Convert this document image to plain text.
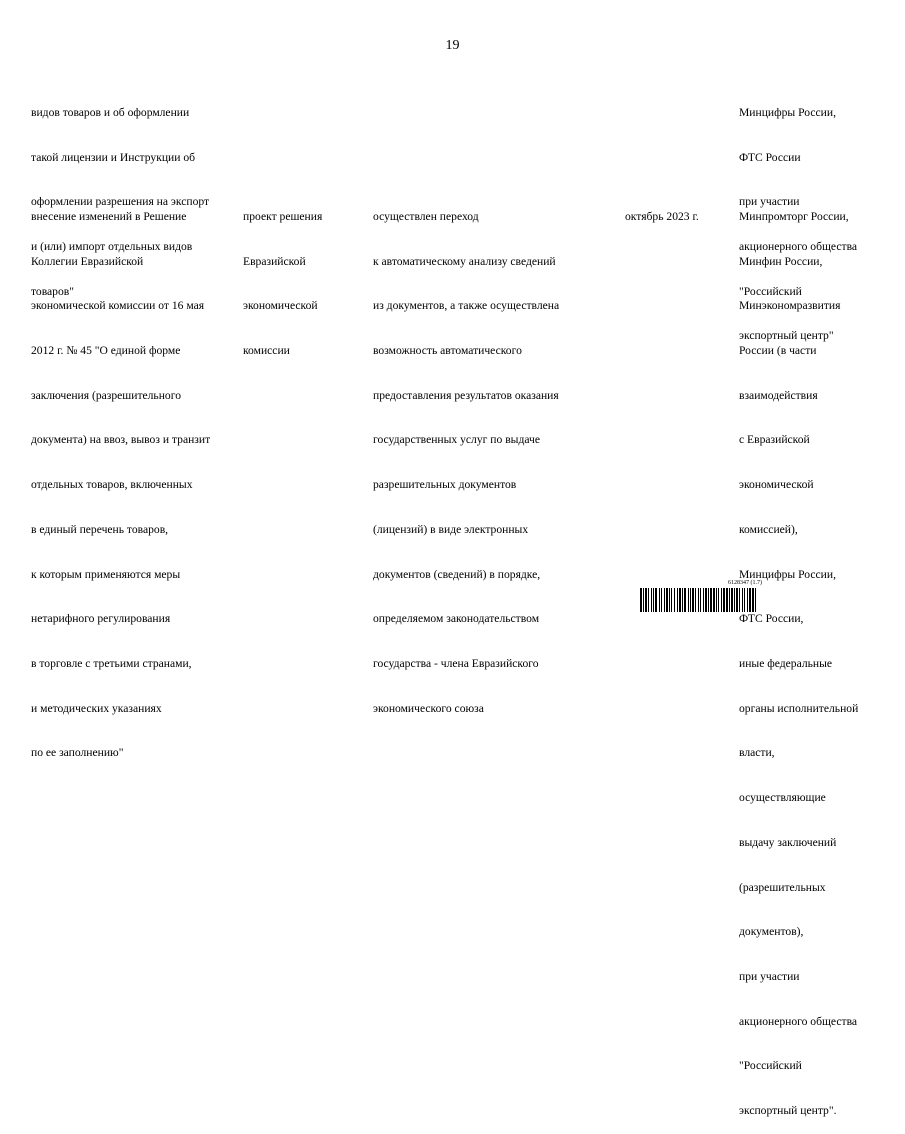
19

видов товаров и об оформлении

такой лицензии и Инструкции об

оформлении разрешения на экспорт

и (или) импорт отдельных видов

товаров"

Минцифры России,

ФТС России

при участии

акционерного общества

"Российский

экспортный центр"

внесение изменений в Решение

Коллегии Евразийской

экономической комиссии от 16 мая

2012 г. № 45 "О единой форме

заключения (разрешительного

документа) на ввоз, вывоз и транзит

отдельных товаров, включенных

в единый перечень товаров,

к которым применяются меры

нетарифного регулирования

в торговле с третьими странами,

и методических указаниях

по ее заполнению"

проект решения

Евразийской

экономической

комиссии

осуществлен переход

к автоматическому анализу сведений

из документов, а также осуществлена

возможность автоматического

предоставления результатов оказания

государственных услуг по выдаче

разрешительных документов

(лицензий) в виде электронных

документов (сведений) в порядке,

определяемом законодательством

государства - члена Евразийского

экономического союза

октябрь 2023 г.

	Минпромторг России,

Минфин России,

Минэкономразвития

России (в части

взаимодействия

с Евразийской

экономической

комиссией),

Минцифры России,

ФТС России,

иные федеральные

органы исполнительной

власти,

осуществляющие

выдачу заключений

(разрешительных

документов),

при участии

акционерного общества

"Российский

экспортный центр".

6128347 (1.7)
